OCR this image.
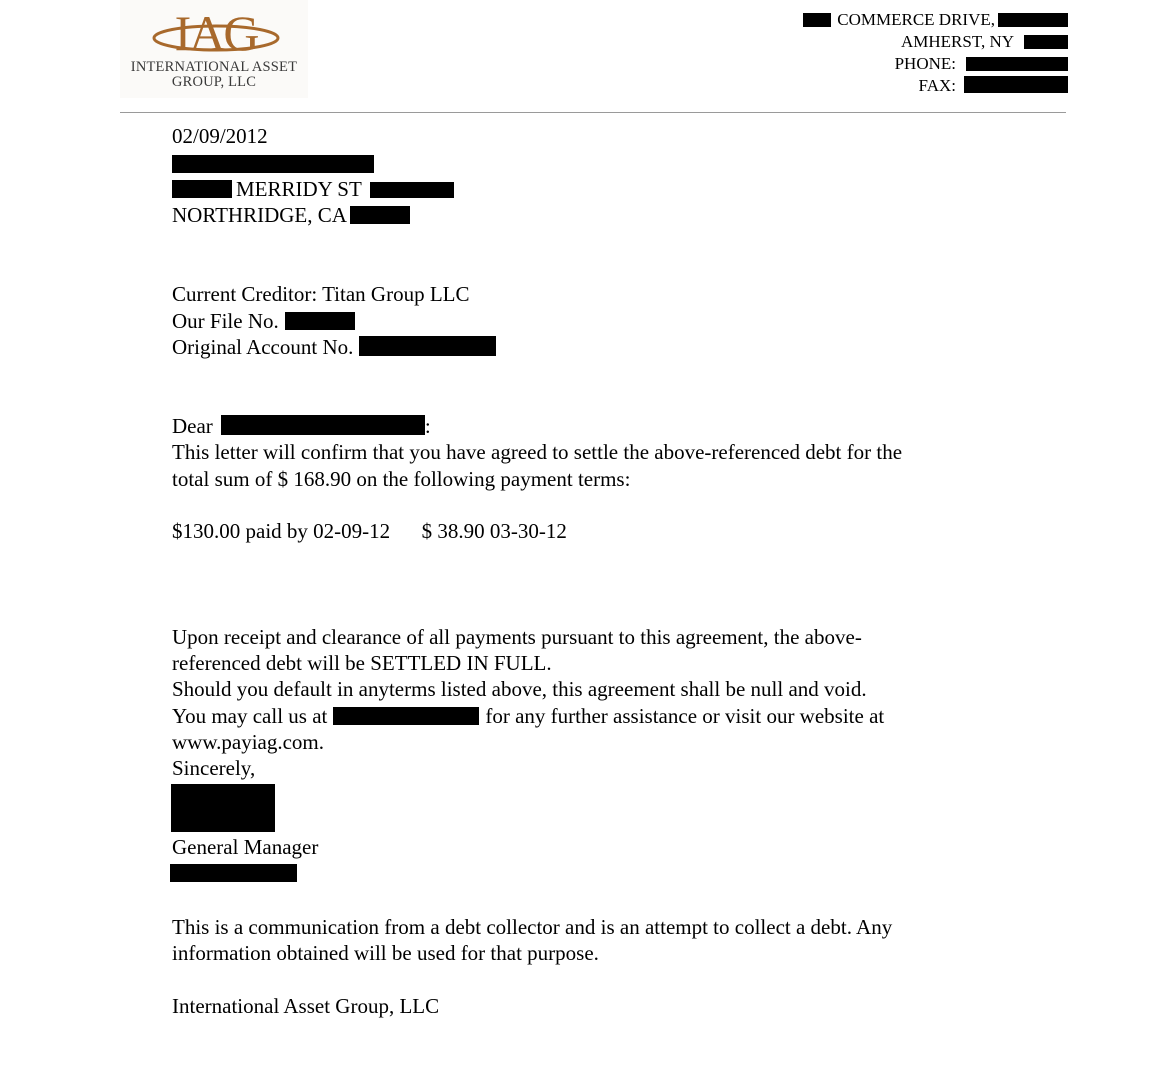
IAG
INTERNATIONAL ASSET
GROUP, LLC
COMMERCE DRIVE,
AMHERST, NY
PHONE:
FAX:
02/09/2012
MERRIDY ST
NORTHRIDGE, CA
Current Creditor: Titan Group LLC
Our File No.
Original Account No.
Dear	:
This letter will confirm that you have agreed to settle the above-referenced debt for the
total sum of $ 168.90 on the following payment terms:
$130.00 paid by 02-09-12      $ 38.90 03-30-12
Upon receipt and clearance of all payments pursuant to this agreement, the above-
referenced debt will be SETTLED IN FULL.
Should you default in anyterms listed above, this agreement shall be null and void.
You may call us at	for any further assistance or visit our website at
www.payiag.com.
Sincerely,
General Manager
This is a communication from a debt collector and is an attempt to collect a debt. Any
information obtained will be used for that purpose.
International Asset Group, LLC
